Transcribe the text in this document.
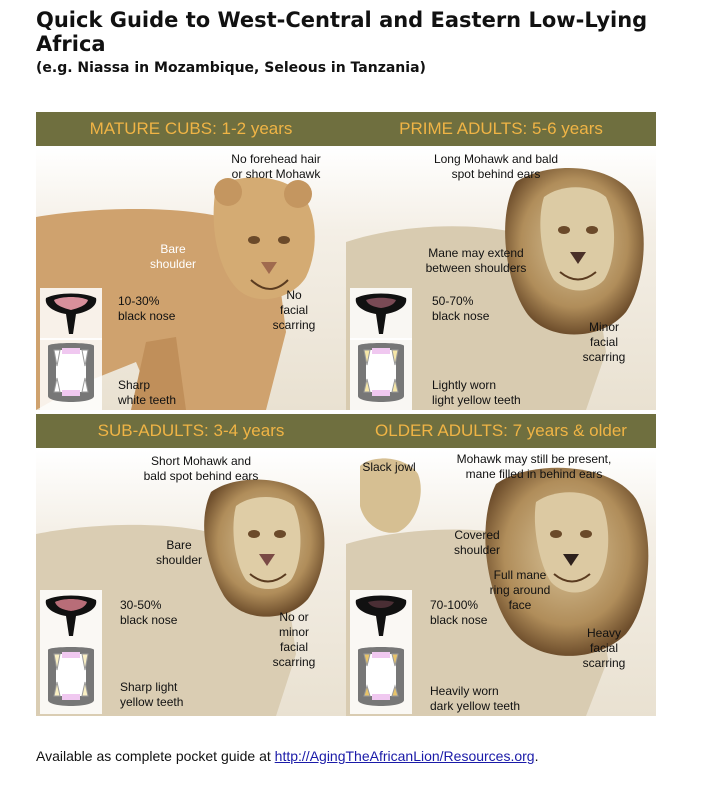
Quick Guide to West-Central and Eastern Low-Lying Africa
(e.g. Niassa in Mozambique, Seleous in Tanzania)
MATURE CUBS: 1-2 years
No forehead hair
or short Mohawk
Bare
shoulder
No
facial
scarring
10-30%
black nose
Sharp
white teeth
PRIME ADULTS: 5-6 years
Long Mohawk and bald
spot behind ears
Mane may extend
between shoulders
50-70%
black nose
Minor
facial
scarring
Lightly worn
light yellow teeth
SUB-ADULTS: 3-4 years
Short Mohawk and
bald spot behind ears
Bare
shoulder
30-50%
black nose	No or
minor
facial
scarring
Sharp light
yellow teeth
OLDER ADULTS: 7 years & older
Slack jowl
Mohawk may still be present,
mane filled in behind ears
Covered
shoulder
Full mane
ring around
face
70-100%
black nose
Heavy
facial
scarring
Heavily worn
dark yellow teeth
Available as complete pocket guide at http://AgingTheAfricanLion/Resources.org.
